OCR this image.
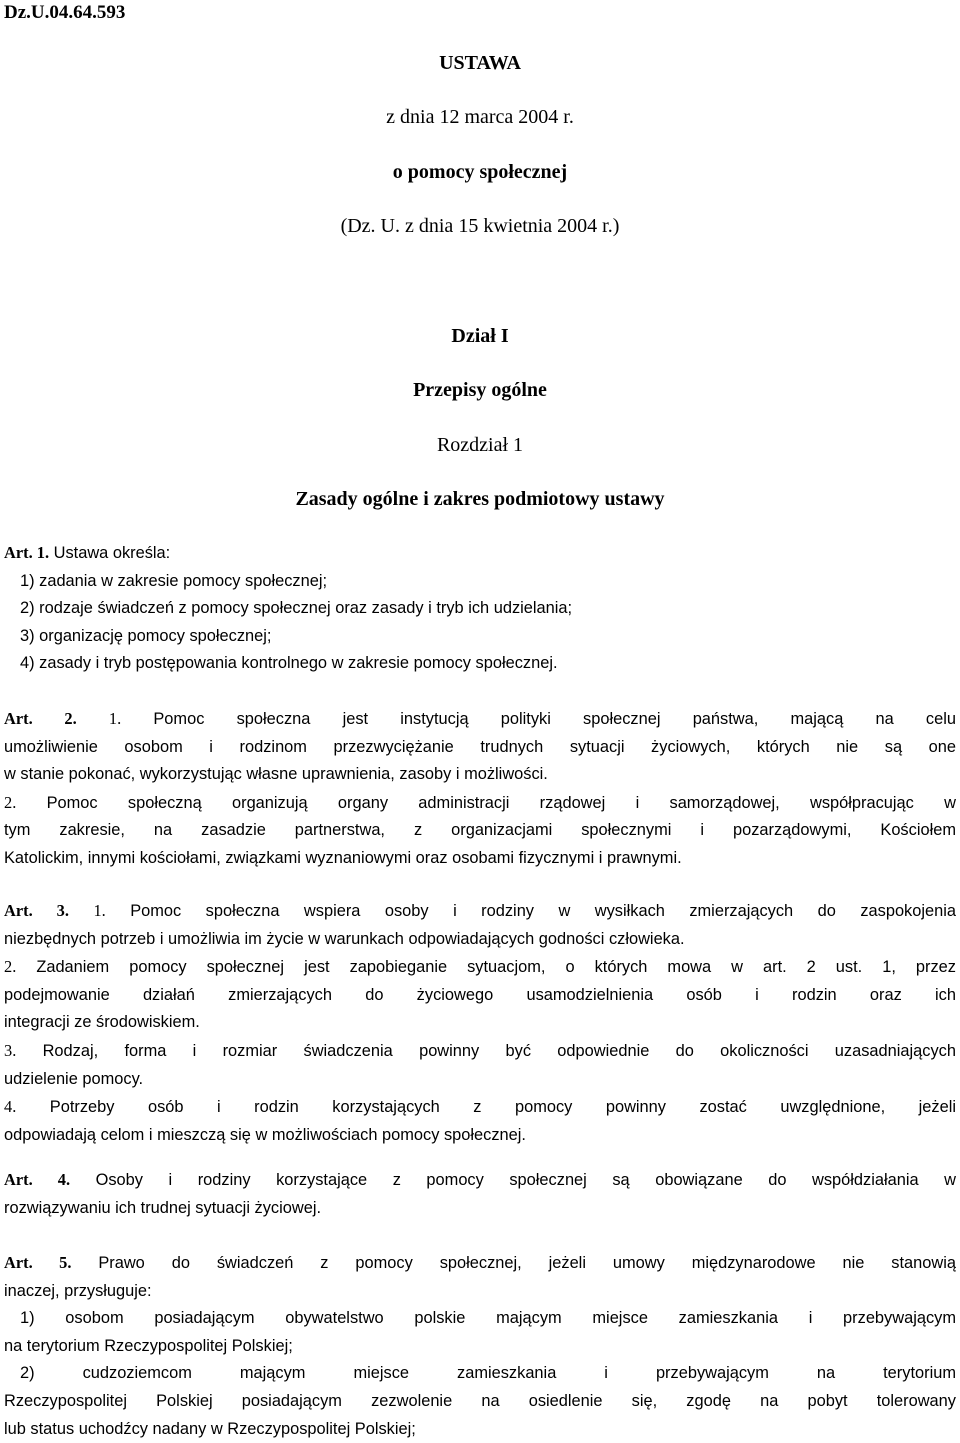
Dz.U.04.64.593
USTAWA
z dnia 12 marca 2004 r.
o pomocy społecznej
(Dz. U. z dnia 15 kwietnia 2004 r.)
Dział I
Przepisy ogólne
Rozdział 1
Zasady ogólne i zakres podmiotowy ustawy
Art. 1. Ustawa określa:
1) zadania w zakresie pomocy społecznej;
2) rodzaje świadczeń z pomocy społecznej oraz zasady i tryb ich udzielania;
3) organizację pomocy społecznej;
4) zasady i tryb postępowania kontrolnego w zakresie pomocy społecznej.
Art. 2. 1. Pomoc społeczna jest instytucją polityki społecznej państwa, mającą na celu
umożliwienie osobom i rodzinom przezwyciężanie trudnych sytuacji życiowych, których nie są one
w stanie pokonać, wykorzystując własne uprawnienia, zasoby i możliwości.
2. Pomoc społeczną organizują organy administracji rządowej i samorządowej, współpracując w
tym zakresie, na zasadzie partnerstwa, z organizacjami społecznymi i pozarządowymi, Kościołem
Katolickim, innymi kościołami, związkami wyznaniowymi oraz osobami fizycznymi i prawnymi.
Art. 3. 1. Pomoc społeczna wspiera osoby i rodziny w wysiłkach zmierzających do zaspokojenia
niezbędnych potrzeb i umożliwia im życie w warunkach odpowiadających godności człowieka.
2. Zadaniem pomocy społecznej jest zapobieganie sytuacjom, o których mowa w art. 2 ust. 1, przez
podejmowanie działań zmierzających do życiowego usamodzielnienia osób i rodzin oraz ich
integracji ze środowiskiem.
3. Rodzaj, forma i rozmiar świadczenia powinny być odpowiednie do okoliczności uzasadniających
udzielenie pomocy.
4. Potrzeby osób i rodzin korzystających z pomocy powinny zostać uwzględnione, jeżeli
odpowiadają celom i mieszczą się w możliwościach pomocy społecznej.
Art. 4. Osoby i rodziny korzystające z pomocy społecznej są obowiązane do współdziałania w
rozwiązywaniu ich trudnej sytuacji życiowej.
Art. 5. Prawo do świadczeń z pomocy społecznej, jeżeli umowy międzynarodowe nie stanowią
inaczej, przysługuje:
1) osobom posiadającym obywatelstwo polskie mającym miejsce zamieszkania i przebywającym
na terytorium Rzeczypospolitej Polskiej;
2) cudzoziemcom mającym miejsce zamieszkania i przebywającym na terytorium
Rzeczypospolitej Polskiej posiadającym zezwolenie na osiedlenie się, zgodę na pobyt tolerowany
lub status uchodźcy nadany w Rzeczypospolitej Polskiej;
